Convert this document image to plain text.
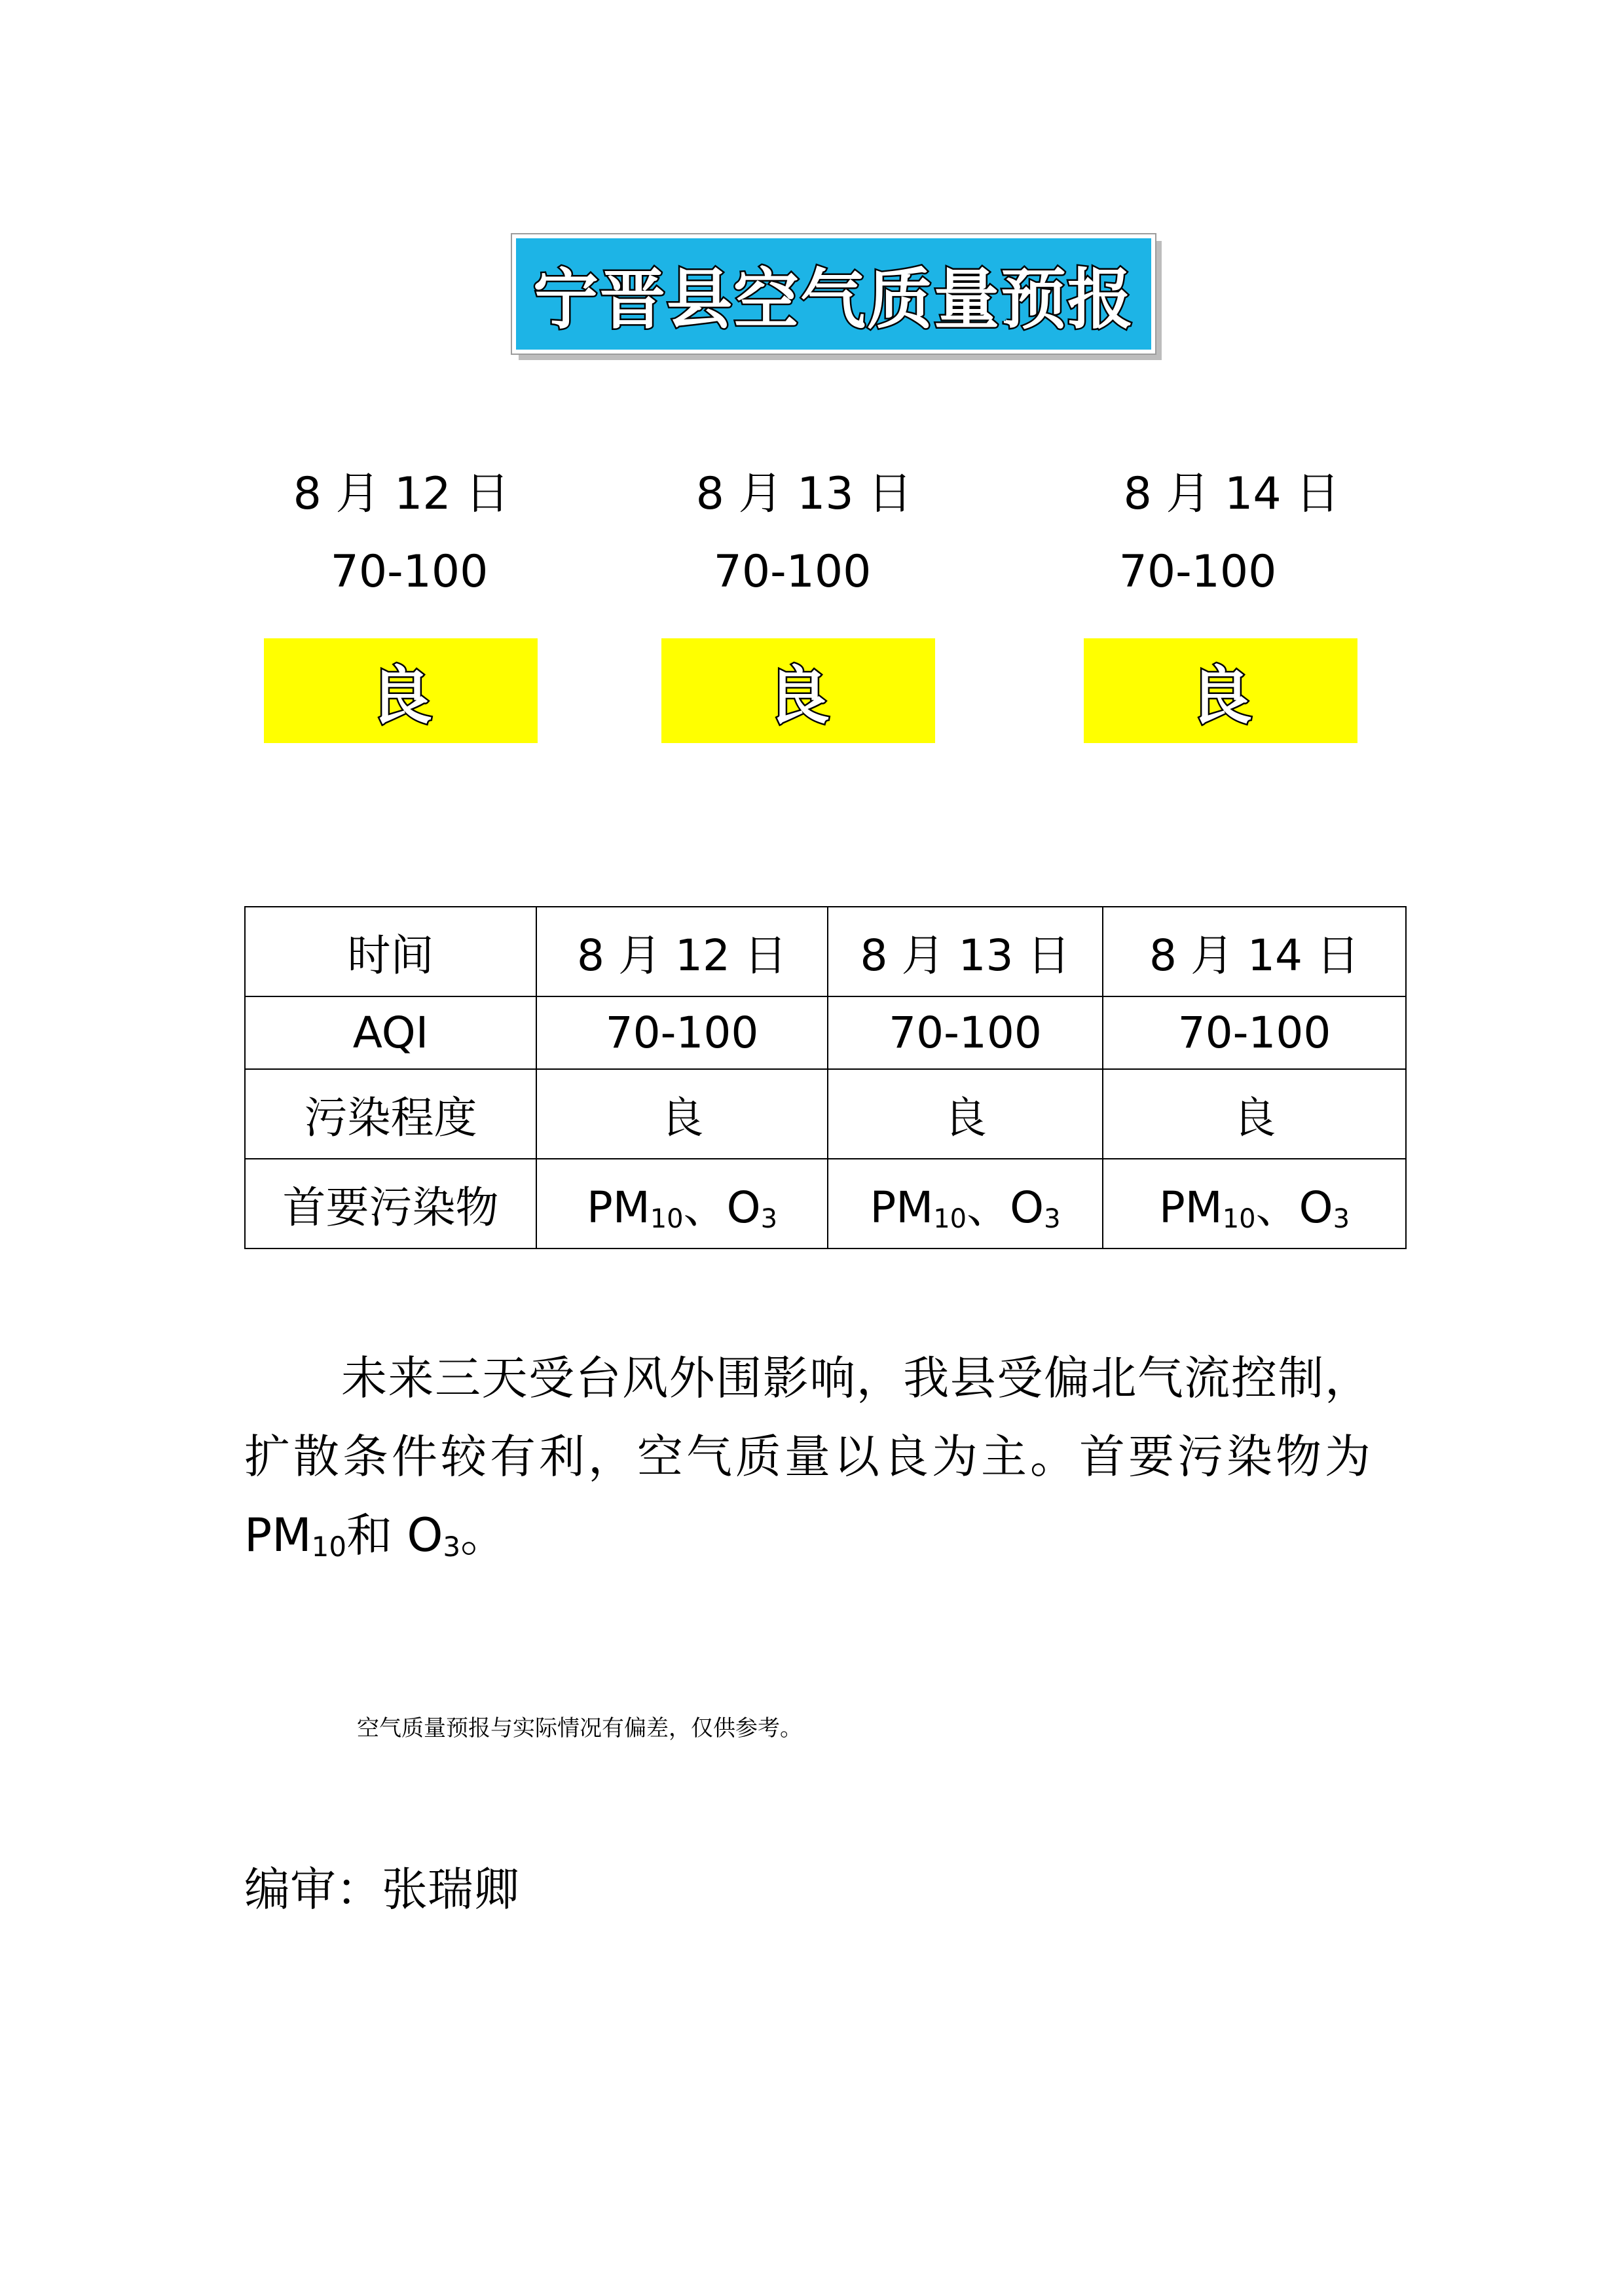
宁晋县空气质量预报
8 月 12 日
70-100
良
8 月 13 日
70-100
良
8 月 14 日
70-100
良
时间	8 月 12 日	8 月 13 日	8 月 14 日
AQI	70-100	70-100	70-100
污染程度	良	良	良
首要污染物	$PM_{10}$、$O_3$	$PM_{10}$、$O_3$	$PM_{10}$、$O_3$
未来三天受台风外围影响，我县受偏北气流控制，扩散条件较有利，空气质量以良为主。首要污染物为$PM_{10}$和 $O_3$。
空气质量预报与实际情况有偏差，仅供参考。
编审：张瑞卿
